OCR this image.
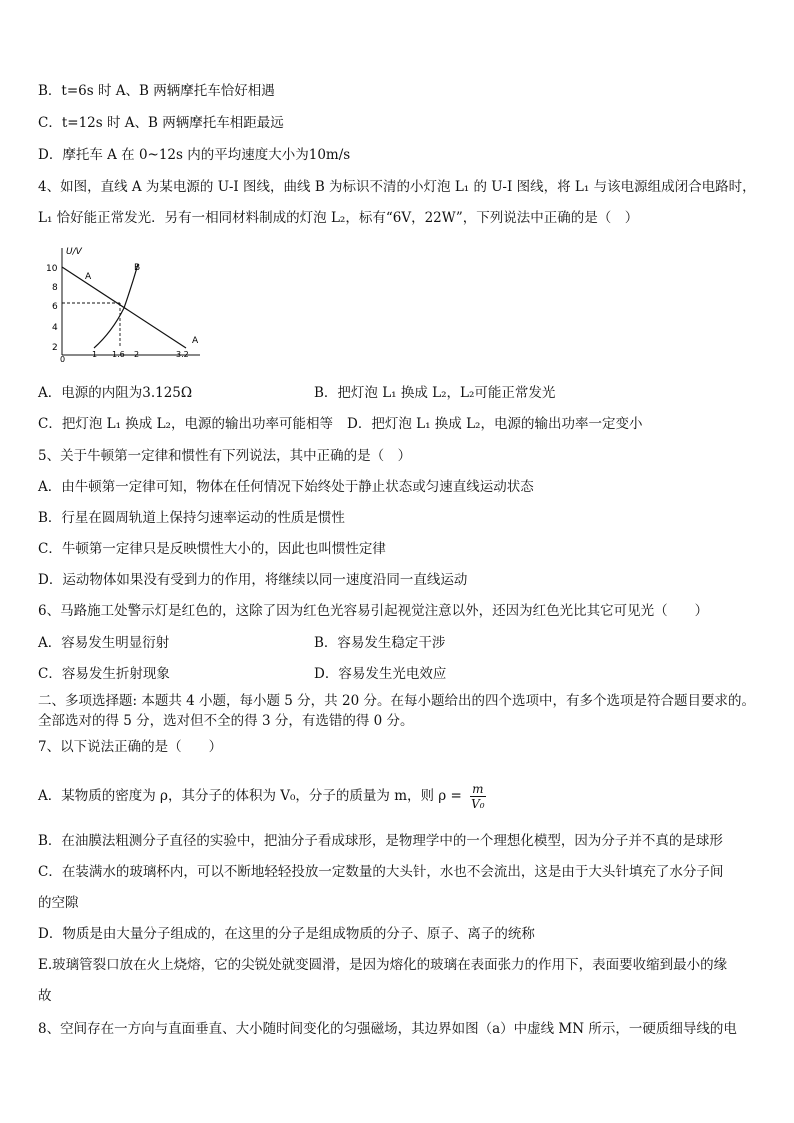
B．t=6s 时 A、B 两辆摩托车恰好相遇
C．t=12s 时 A、B 两辆摩托车相距最远
D．摩托车 A 在 0~12s 内的平均速度大小为10m/s
4、如图，直线 A 为某电源的 U-I 图线，曲线 B 为标识不清的小灯泡 L₁ 的 U-I 图线，将 L₁ 与该电源组成闭合电路时，
L₁ 恰好能正常发光．另有一相同材料制成的灯泡 L₂，标有“6V，22W”，下列说法中正确的是（　）
U/V
10
8
6
4
2
0
1 1.6 2	3.2
A
B
A
A．电源的内阻为3.125Ω	B．把灯泡 L₁ 换成 L₂，L₂可能正常发光
C．把灯泡 L₁ 换成 L₂，电源的输出功率可能相等 D．把灯泡 L₁ 换成 L₂，电源的输出功率一定变小
5、关于牛顿第一定律和惯性有下列说法，其中正确的是（　）
A．由牛顿第一定律可知，物体在任何情况下始终处于静止状态或匀速直线运动状态
B．行星在圆周轨道上保持匀速率运动的性质是惯性
C．牛顿第一定律只是反映惯性大小的，因此也叫惯性定律
D．运动物体如果没有受到力的作用，将继续以同一速度沿同一直线运动
6、马路施工处警示灯是红色的，这除了因为红色光容易引起视觉注意以外，还因为红色光比其它可见光（　　）
A．容易发生明显衍射	B．容易发生稳定干涉
C．容易发生折射现象	D．容易发生光电效应
二、多项选择题: 本题共 4 小题，每小题 5 分，共 20 分。在每小题给出的四个选项中，有多个选项是符合题目要求的。
全部选对的得 5 分，选对但不全的得 3 分，有选错的得 0 分。
7、以下说法正确的是（　　）
A．某物质的密度为 ρ，其分子的体积为 V₀，分子的质量为 m，则 $\rho = \frac{m}{\text{V₀}}$
B．在油膜法粗测分子直径的实验中，把油分子看成球形，是物理学中的一个理想化模型，因为分子并不真的是球形
C．在装满水的玻璃杯内，可以不断地轻轻投放一定数量的大头针，水也不会流出，这是由于大头针填充了水分子间
的空隙
D．物质是由大量分子组成的，在这里的分子是组成物质的分子、原子、离子的统称
E.玻璃管裂口放在火上烧熔，它的尖锐处就变圆滑，是因为熔化的玻璃在表面张力的作用下，表面要收缩到最小的缘
故
8、空间存在一方向与直面垂直、大小随时间变化的匀强磁场，其边界如图（a）中虚线 MN 所示，一硬质细导线的电
